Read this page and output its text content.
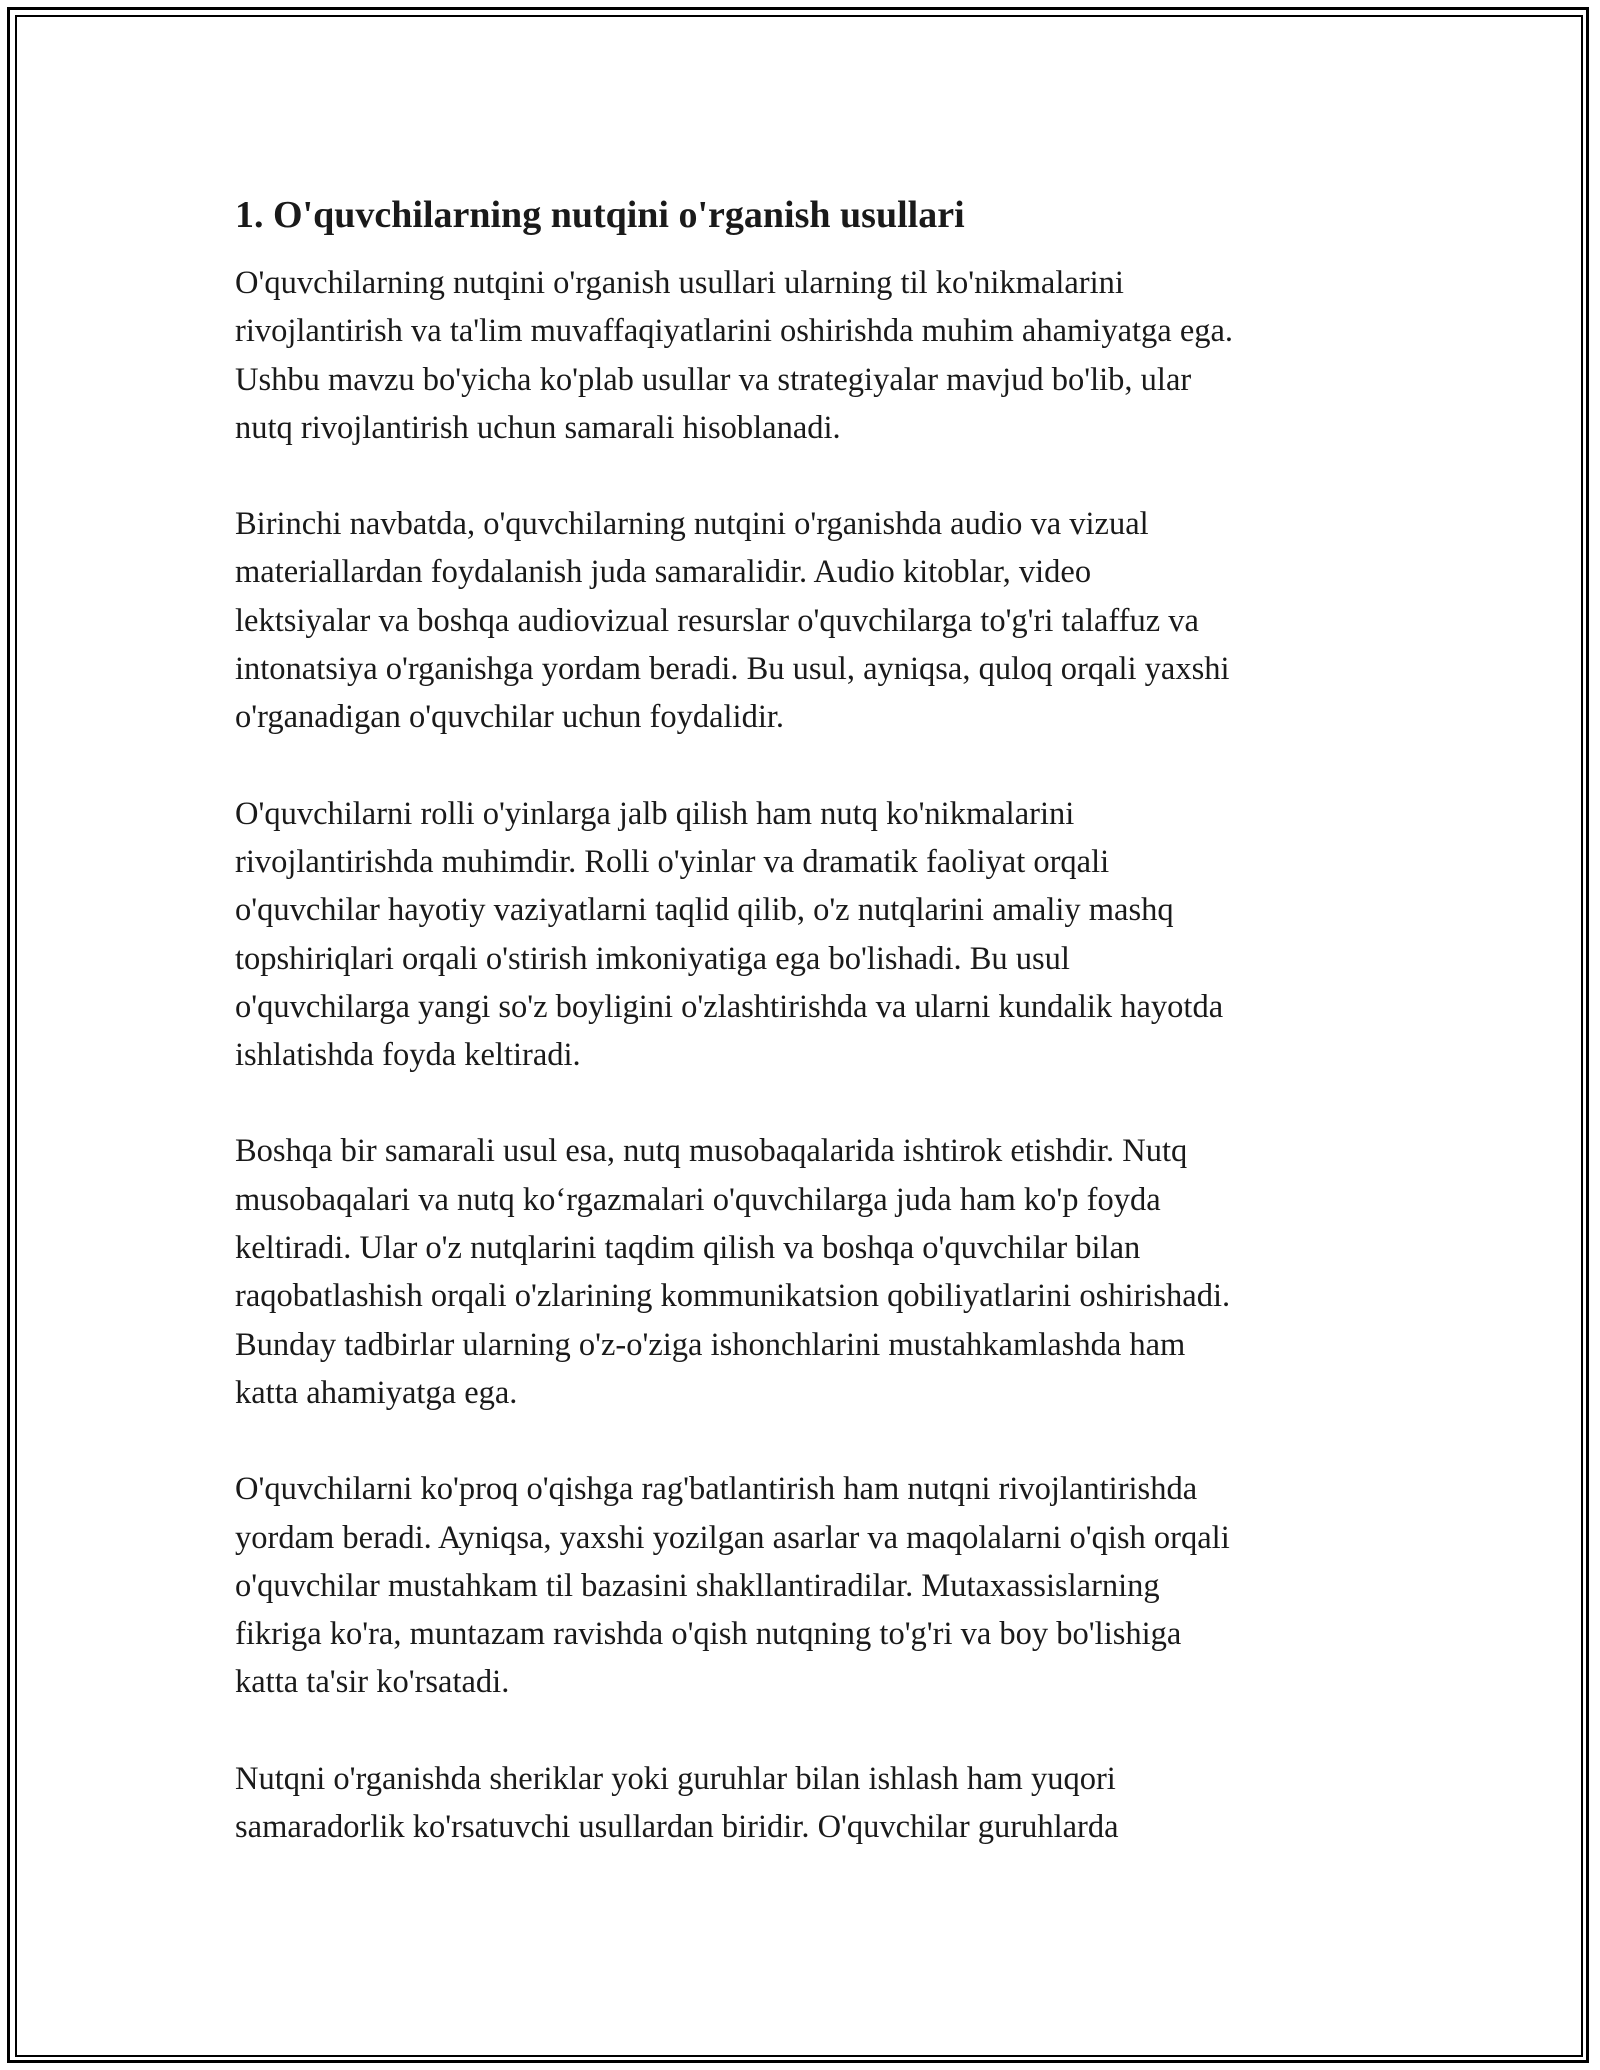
1. O'quvchilarning nutqini o'rganish usullari

O'quvchilarning nutqini o'rganish usullari ularning til ko'nikmalarini
rivojlantirish va ta'lim muvaffaqiyatlarini oshirishda muhim ahamiyatga ega.
Ushbu mavzu bo'yicha ko'plab usullar va strategiyalar mavjud bo'lib, ular
nutq rivojlantirish uchun samarali hisoblanadi.

Birinchi navbatda, o'quvchilarning nutqini o'rganishda audio va vizual
materiallardan foydalanish juda samaralidir. Audio kitoblar, video
lektsiyalar va boshqa audiovizual resurslar o'quvchilarga to'g'ri talaffuz va
intonatsiya o'rganishga yordam beradi. Bu usul, ayniqsa, quloq orqali yaxshi
o'rganadigan o'quvchilar uchun foydalidir.

O'quvchilarni rolli o'yinlarga jalb qilish ham nutq ko'nikmalarini
rivojlantirishda muhimdir. Rolli o'yinlar va dramatik faoliyat orqali
o'quvchilar hayotiy vaziyatlarni taqlid qilib, o'z nutqlarini amaliy mashq
topshiriqlari orqali o'stirish imkoniyatiga ega bo'lishadi. Bu usul
o'quvchilarga yangi so'z boyligini o'zlashtirishda va ularni kundalik hayotda
ishlatishda foyda keltiradi.

Boshqa bir samarali usul esa, nutq musobaqalarida ishtirok etishdir. Nutq
musobaqalari va nutq ko‘rgazmalari o'quvchilarga juda ham ko'p foyda
keltiradi. Ular o'z nutqlarini taqdim qilish va boshqa o'quvchilar bilan
raqobatlashish orqali o'zlarining kommunikatsion qobiliyatlarini oshirishadi.
Bunday tadbirlar ularning o'z-o'ziga ishonchlarini mustahkamlashda ham
katta ahamiyatga ega.

O'quvchilarni ko'proq o'qishga rag'batlantirish ham nutqni rivojlantirishda
yordam beradi. Ayniqsa, yaxshi yozilgan asarlar va maqolalarni o'qish orqali
o'quvchilar mustahkam til bazasini shakllantiradilar. Mutaxassislarning
fikriga ko'ra, muntazam ravishda o'qish nutqning to'g'ri va boy bo'lishiga
katta ta'sir ko'rsatadi.

Nutqni o'rganishda sheriklar yoki guruhlar bilan ishlash ham yuqori
samaradorlik ko'rsatuvchi usullardan biridir. O'quvchilar guruhlarda
